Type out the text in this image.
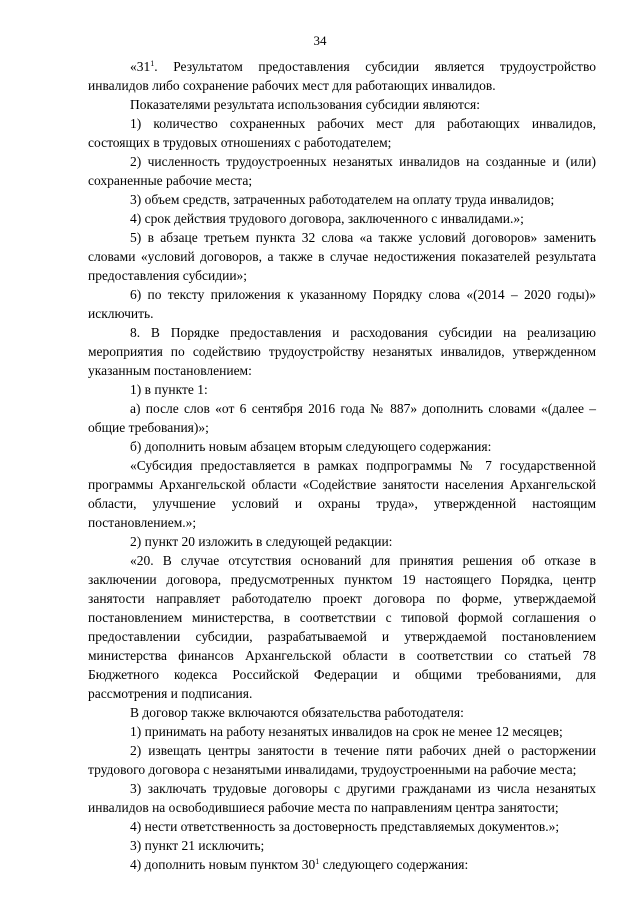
34

«$31^1$. Результатом предоставления субсидии является трудоустройство инвалидов либо сохранение рабочих мест для работающих инвалидов.

Показателями результата использования субсидии являются:

1) количество сохраненных рабочих мест для работающих инвалидов, состоящих в трудовых отношениях с работодателем;

2) численность трудоустроенных незанятых инвалидов на созданные и (или) сохраненные рабочие места;

3) объем средств, затраченных работодателем на оплату труда инвалидов;

4) срок действия трудового договора, заключенного с инвалидами.»;

5) в абзаце третьем пункта 32 слова «а также условий договоров» заменить словами «условий договоров, а также в случае недостижения показателей результата предоставления субсидии»;

6) по тексту приложения к указанному Порядку слова «(2014 – 2020 годы)» исключить.

8. В Порядке предоставления и расходования субсидии на реализацию мероприятия по содействию трудоустройству незанятых инвалидов, утвержденном указанным постановлением:

1) в пункте 1:

а) после слов «от 6 сентября 2016 года № 887» дополнить словами «(далее – общие требования)»;

б) дополнить новым абзацем вторым следующего содержания:

«Субсидия предоставляется в рамках подпрограммы № 7 государственной программы Архангельской области «Содействие занятости населения Архангельской области, улучшение условий и охраны труда», утвержденной настоящим постановлением.»;

2) пункт 20 изложить в следующей редакции:

«20. В случае отсутствия оснований для принятия решения об отказе в заключении договора, предусмотренных пунктом 19 настоящего Порядка, центр занятости направляет работодателю проект договора по форме, утверждаемой постановлением министерства, в соответствии с типовой формой соглашения о предоставлении субсидии, разрабатываемой и утверждаемой постановлением министерства финансов Архангельской области в соответствии со статьей 78 Бюджетного кодекса Российской Федерации и общими требованиями, для рассмотрения и подписания.

В договор также включаются обязательства работодателя:

1) принимать на работу незанятых инвалидов на срок не менее 12 месяцев;

2) извещать центры занятости в течение пяти рабочих дней о расторжении трудового договора с незанятыми инвалидами, трудоустроенными на рабочие места;

3) заключать трудовые договоры с другими гражданами из числа незанятых инвалидов на освободившиеся рабочие места по направлениям центра занятости;

4) нести ответственность за достоверность представляемых документов.»;

3) пункт 21 исключить;

4) дополнить новым пунктом $30^1$ следующего содержания:
